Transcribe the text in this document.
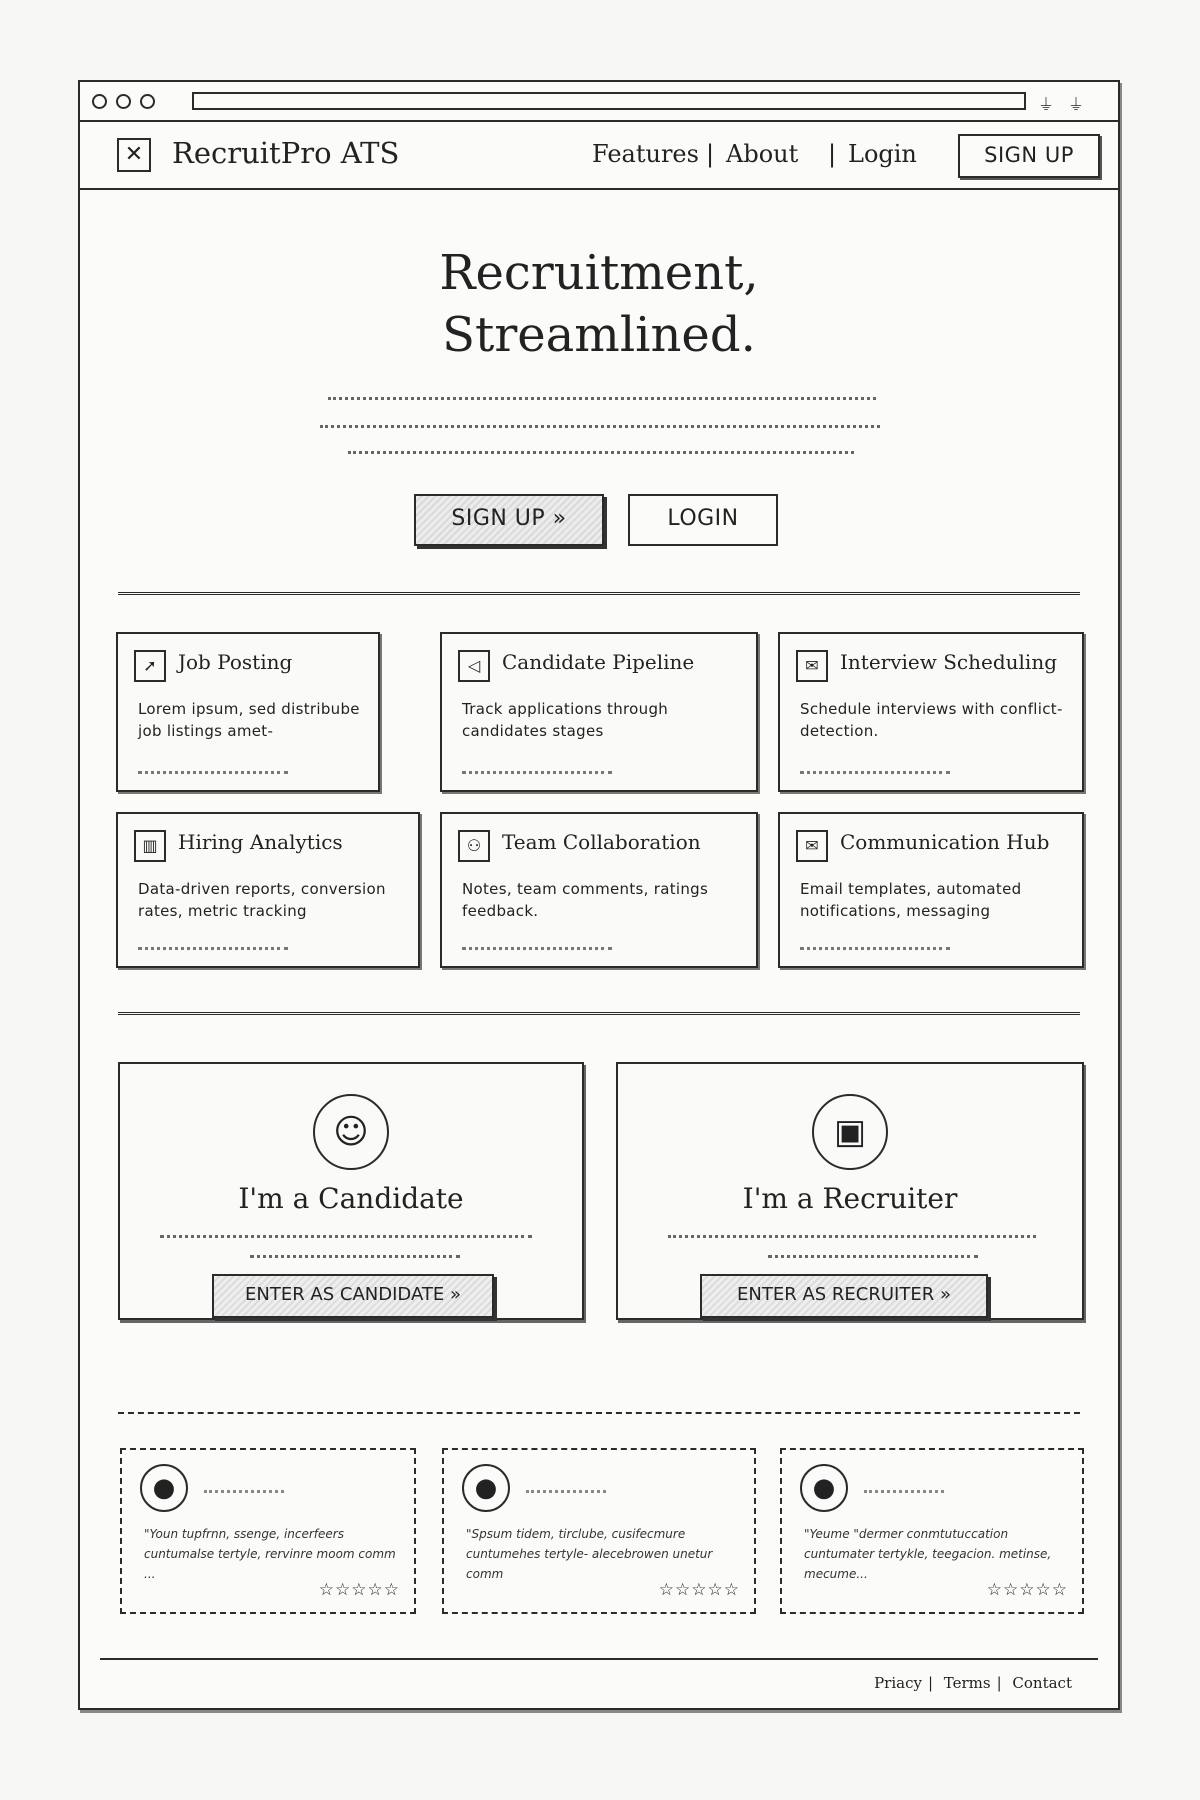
⏚ ⏚
✕ RecruitPro ATS	Features | About | Login	SIGN UP
Recruitment,
Streamlined.
SIGN UP »	LOGIN
➚	Job Posting
Lorem ipsum, sed distribube job listings amet-
◁	Candidate Pipeline
Track applications through candidates stages
✉	Interview Scheduling
Schedule interviews with conflict- detection.
▥	Hiring Analytics
Data-driven reports, conversion rates, metric tracking
⚇	Team Collaboration
Notes, team comments, ratings feedback.
✉	Communication Hub
Email templates, automated notifications, messaging
☺
I'm a Candidate
ENTER AS CANDIDATE »
▣
I'm a Recruiter
ENTER AS RECRUITER »
●
"Youn tupfrnn, ssenge, incerfeers cuntumalse tertyle, rervinre moom comm ...
☆☆☆☆☆
●
"Spsum tidem, tirclube, cusifecmure cuntumehes tertyle- alecebrowen unetur comm
☆☆☆☆☆
●
"Yeume "dermer conmtutuccation cuntumater tertykle, teegacion. metinse, mecume...
☆☆☆☆☆
Priacy | Terms | Contact
